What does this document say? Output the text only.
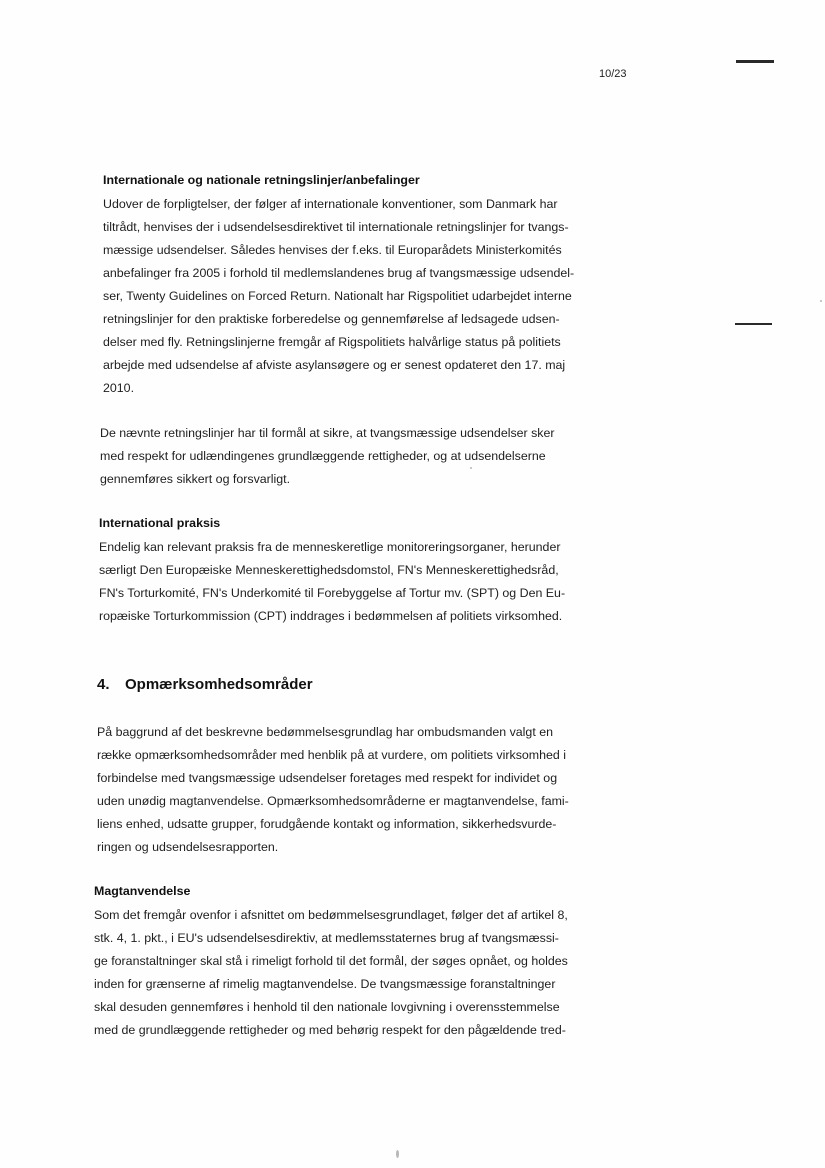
10/23
Internationale og nationale retningslinjer/anbefalinger
Udover de forpligtelser, der følger af internationale konventioner, som Danmark har
tiltrådt, henvises der i udsendelsesdirektivet til internationale retningslinjer for tvangs-
mæssige udsendelser. Således henvises der f.eks. til Europarådets Ministerkomités
anbefalinger fra 2005 i forhold til medlemslandenes brug af tvangsmæssige udsendel-
ser, Twenty Guidelines on Forced Return. Nationalt har Rigspolitiet udarbejdet interne
retningslinjer for den praktiske forberedelse og gennemførelse af ledsagede udsen-
delser med fly. Retningslinjerne fremgår af Rigspolitiets halvårlige status på politiets
arbejde med udsendelse af afviste asylansøgere og er senest opdateret den 17. maj
2010.
De nævnte retningslinjer har til formål at sikre, at tvangsmæssige udsendelser sker
med respekt for udlændingenes grundlæggende rettigheder, og at udsendelserne
gennemføres sikkert og forsvarligt.
International praksis
Endelig kan relevant praksis fra de menneskeretlige monitoreringsorganer, herunder
særligt Den Europæiske Menneskerettighedsdomstol, FN's Menneskerettighedsråd,
FN's Torturkomité, FN's Underkomité til Forebyggelse af Tortur mv. (SPT) og Den Eu-
ropæiske Torturkommission (CPT) inddrages i bedømmelsen af politiets virksomhed.
4. Opmærksomhedsområder
På baggrund af det beskrevne bedømmelsesgrundlag har ombudsmanden valgt en
række opmærksomhedsområder med henblik på at vurdere, om politiets virksomhed i
forbindelse med tvangsmæssige udsendelser foretages med respekt for individet og
uden unødig magtanvendelse. Opmærksomhedsområderne er magtanvendelse, fami-
liens enhed, udsatte grupper, forudgående kontakt og information, sikkerhedsvurde-
ringen og udsendelsesrapporten.
Magtanvendelse
Som det fremgår ovenfor i afsnittet om bedømmelsesgrundlaget, følger det af artikel 8,
stk. 4, 1. pkt., i EU's udsendelsesdirektiv, at medlemsstaternes brug af tvangsmæssi-
ge foranstaltninger skal stå i rimeligt forhold til det formål, der søges opnået, og holdes
inden for grænserne af rimelig magtanvendelse. De tvangsmæssige foranstaltninger
skal desuden gennemføres i henhold til den nationale lovgivning i overensstemmelse
med de grundlæggende rettigheder og med behørig respekt for den pågældende tred-
